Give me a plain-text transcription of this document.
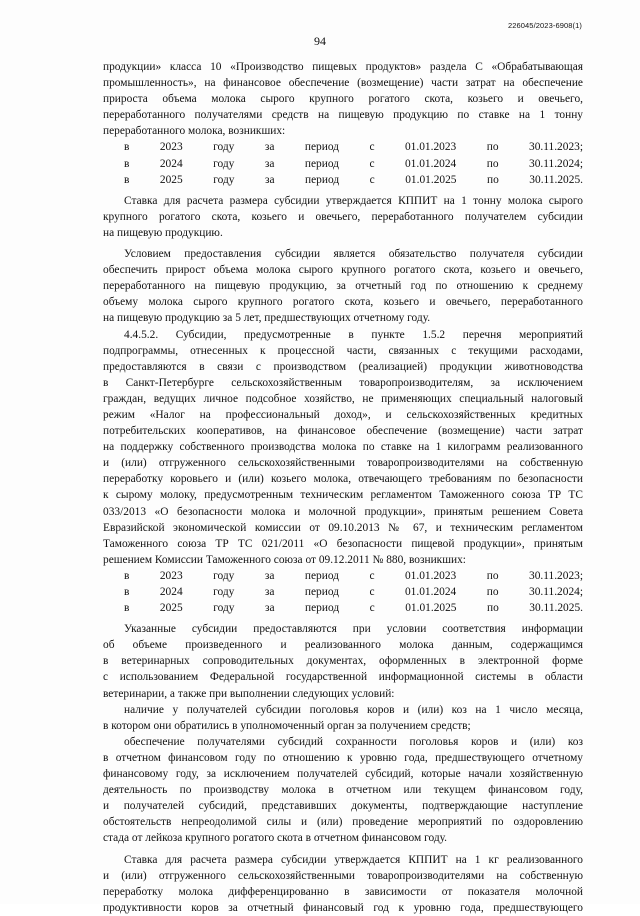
226045/2023-6908(1)
94

продукции» класса 10 «Производство пищевых продуктов» раздела С «Обрабатывающая

промышленность», на финансовое обеспечение (возмещение) части затрат на обеспечение

прироста объема молока сырого крупного рогатого скота, козьего и овечьего,

переработанного получателями средств на пищевую продукцию по ставке на 1 тонну

переработанного молока, возникших:

в 2023 году за период с 01.01.2023 по 30.11.2023;

в 2024 году за период с 01.01.2024 по 30.11.2024;

в 2025 году за период с 01.01.2025 по 30.11.2025.

Ставка для расчета размера субсидии утверждается КППИТ на 1 тонну молока сырого

крупного рогатого скота, козьего и овечьего, переработанного получателем субсидии

на пищевую продукцию.

Условием предоставления субсидии является обязательство получателя субсидии

обеспечить прирост объема молока сырого крупного рогатого скота, козьего и овечьего,

переработанного на пищевую продукцию, за отчетный год по отношению к среднему

объему молока сырого крупного рогатого скота, козьего и овечьего, переработанного

на пищевую продукцию за 5 лет, предшествующих отчетному году.

4.4.5.2. Субсидии, предусмотренные в пункте 1.5.2 перечня мероприятий

подпрограммы, отнесенных к процессной части, связанных с текущими расходами,

предоставляются в связи с производством (реализацией) продукции животноводства

в Санкт-Петербурге сельскохозяйственным товаропроизводителям, за исключением

граждан, ведущих личное подсобное хозяйство, не применяющих специальный налоговый

режим «Налог на профессиональный доход», и сельскохозяйственных кредитных

потребительских кооперативов, на финансовое обеспечение (возмещение) части затрат

на поддержку собственного производства молока по ставке на 1 килограмм реализованного

и (или) отгруженного сельскохозяйственными товаропроизводителями на собственную

переработку коровьего и (или) козьего молока, отвечающего требованиям по безопасности

к сырому молоку, предусмотренным техническим регламентом Таможенного союза ТР ТС

033/2013 «О безопасности молока и молочной продукции», принятым решением Совета

Евразийской экономической комиссии от 09.10.2013 № 67, и техническим регламентом

Таможенного союза ТР ТС 021/2011 «О безопасности пищевой продукции», принятым

решением Комиссии Таможенного союза от 09.12.2011 № 880, возникших:

в 2023 году за период с 01.01.2023 по 30.11.2023;

в 2024 году за период с 01.01.2024 по 30.11.2024;

в 2025 году за период с 01.01.2025 по 30.11.2025.

Указанные субсидии предоставляются при условии соответствия информации

об объеме произведенного и реализованного молока данным, содержащимся

в ветеринарных сопроводительных документах, оформленных в электронной форме

с использованием Федеральной государственной информационной системы в области

ветеринарии, а также при выполнении следующих условий:

наличие у получателей субсидии поголовья коров и (или) коз на 1 число месяца,

в котором они обратились в уполномоченный орган за получением средств;

обеспечение получателями субсидий сохранности поголовья коров и (или) коз

в отчетном финансовом году по отношению к уровню года, предшествующего отчетному

финансовому году, за исключением получателей субсидий, которые начали хозяйственную

деятельность по производству молока в отчетном или текущем финансовом году,

и получателей субсидий, представивших документы, подтверждающие наступление

обстоятельств непреодолимой силы и (или) проведение мероприятий по оздоровлению

стада от лейкоза крупного рогатого скота в отчетном финансовом году.

Ставка для расчета размера субсидии утверждается КППИТ на 1 кг реализованного

и (или) отгруженного сельскохозяйственными товаропроизводителями на собственную

переработку молока дифференцированно в зависимости от показателя молочной

продуктивности коров за отчетный финансовый год к уровню года, предшествующего
